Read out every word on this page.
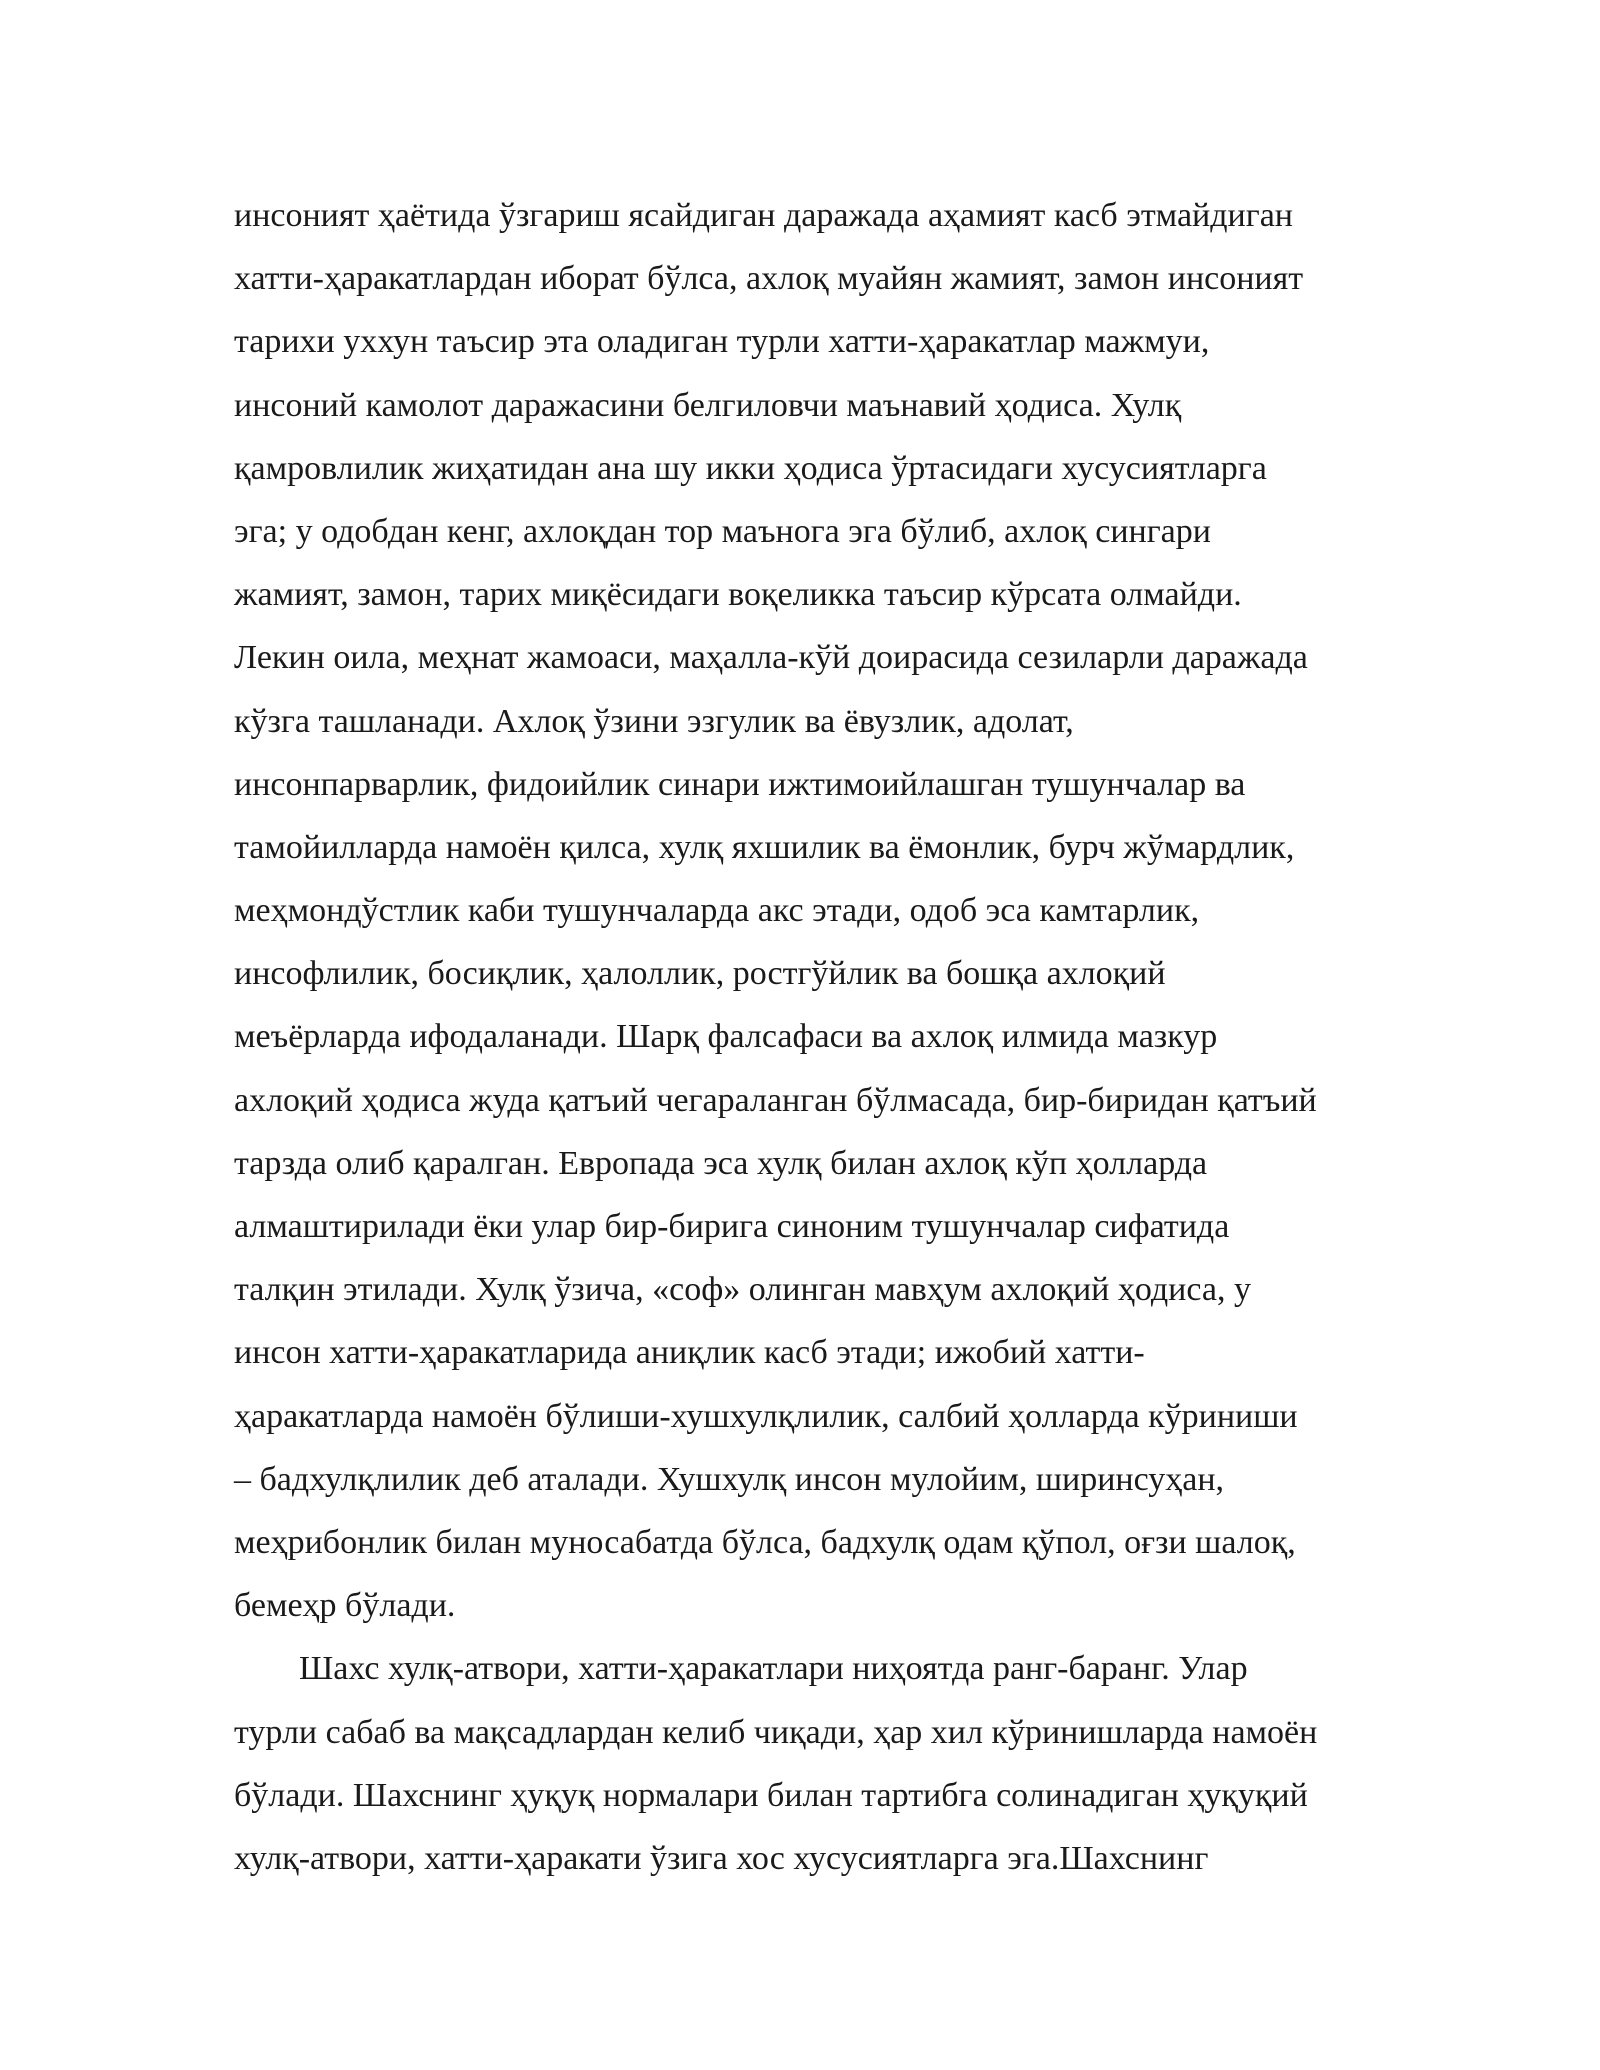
инсоният ҳаётида ўзгариш ясайдиган даражада аҳамият касб этмайдиган
хатти-ҳаракатлардан иборат бўлса, ахлоқ муайян жамият, замон инсоният
тарихи уххун таъсир эта оладиган турли хатти-ҳаракатлар мажмуи,
инсоний камолот даражасини белгиловчи маънавий ҳодиса. Хулқ
қамровлилик жиҳатидан ана шу икки ҳодиса ўртасидаги хусусиятларга
эга; у одобдан кенг, ахлоқдан тор маънога эга бўлиб, ахлоқ сингари
жамият, замон, тарих миқёсидаги воқеликка таъсир кўрсата олмайди.
Лекин оила, меҳнат жамоаси, маҳалла-кўй доирасида сезиларли даражада
кўзга ташланади. Ахлоқ ўзини эзгулик ва ёвузлик, адолат,
инсонпарварлик, фидоийлик синари ижтимоийлашган тушунчалар ва
тамойилларда намоён қилса, хулқ яхшилик ва ёмонлик, бурч жўмардлик,
меҳмондўстлик каби тушунчаларда акс этади, одоб эса камтарлик,
инсофлилик, босиқлик, ҳалоллик, ростгўйлик ва бошқа ахлоқий
меъёрларда ифодаланади. Шарқ фалсафаси ва ахлоқ илмида мазкур
ахлоқий ҳодиса жуда қатъий чегараланган бўлмасада, бир-биридан қатъий
тарзда олиб қаралган. Европада эса хулқ билан ахлоқ кўп ҳолларда
алмаштирилади ёки улар бир-бирига синоним тушунчалар сифатида
талқин этилади. Хулқ ўзича, «соф» олинган мавҳум ахлоқий ҳодиса, у
инсон хатти-ҳаракатларида аниқлик касб этади; ижобий хатти-
ҳаракатларда намоён бўлиши-хушхулқлилик, салбий ҳолларда кўриниши
– бадхулқлилик деб аталади. Хушхулқ инсон мулойим, ширинсуҳан,
меҳрибонлик билан муносабатда бўлса, бадхулқ одам қўпол, оғзи шалоқ,
бемеҳр бўлади.
Шахс хулқ-атвори, хатти-ҳаракатлари ниҳоятда ранг-баранг. Улар
турли сабаб ва мақсадлардан келиб чиқади, ҳар хил кўринишларда намоён
бўлади. Шахснинг ҳуқуқ нормалари билан тартибга солинадиган ҳуқуқий
хулқ-атвори, хатти-ҳаракати ўзига хос хусусиятларга эга.Шахснинг
